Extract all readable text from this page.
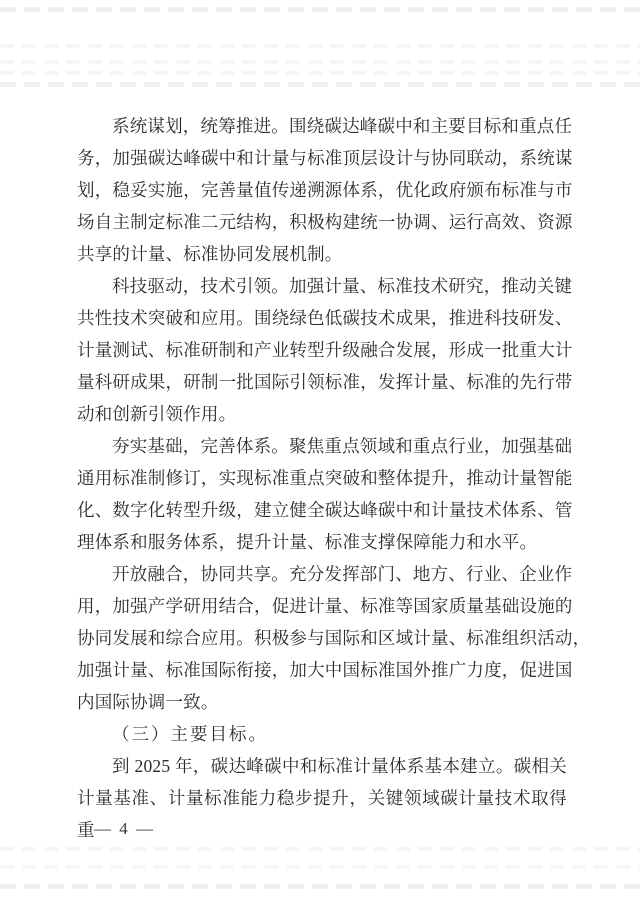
系统谋划，统筹推进。围绕碳达峰碳中和主要目标和重点任
务，加强碳达峰碳中和计量与标准顶层设计与协同联动，系统谋
划，稳妥实施，完善量值传递溯源体系，优化政府颁布标准与市
场自主制定标准二元结构，积极构建统一协调、运行高效、资源
共享的计量、标准协同发展机制。
科技驱动，技术引领。加强计量、标准技术研究，推动关键
共性技术突破和应用。围绕绿色低碳技术成果，推进科技研发、
计量测试、标准研制和产业转型升级融合发展，形成一批重大计
量科研成果，研制一批国际引领标准，发挥计量、标准的先行带
动和创新引领作用。
夯实基础，完善体系。聚焦重点领域和重点行业，加强基础
通用标准制修订，实现标准重点突破和整体提升，推动计量智能
化、数字化转型升级，建立健全碳达峰碳中和计量技术体系、管
理体系和服务体系，提升计量、标准支撑保障能力和水平。
开放融合，协同共享。充分发挥部门、地方、行业、企业作
用，加强产学研用结合，促进计量、标准等国家质量基础设施的
协同发展和综合应用。积极参与国际和区域计量、标准组织活动，
加强计量、标准国际衔接，加大中国标准国外推广力度，促进国
内国际协调一致。
（三）主要目标。
到 2025 年，碳达峰碳中和标准计量体系基本建立。碳相关
计量基准、计量标准能力稳步提升，关键领域碳计量技术取得重 — 4 —
